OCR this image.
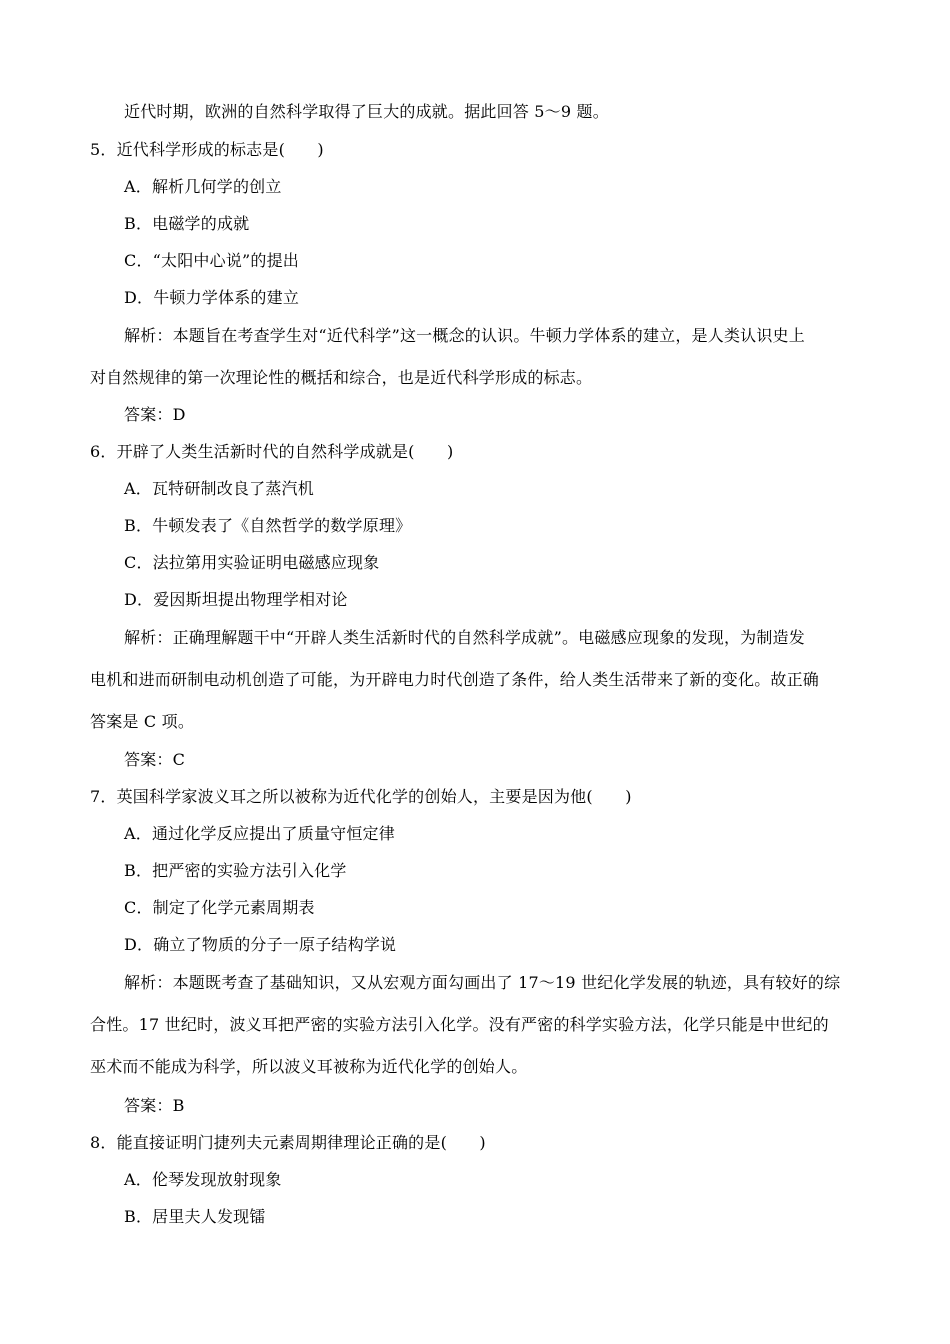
近代时期，欧洲的自然科学取得了巨大的成就。据此回答 5～9 题。
5．近代科学形成的标志是(　　)
A．解析几何学的创立
B．电磁学的成就
C．“太阳中心说”的提出
D．牛顿力学体系的建立
解析：本题旨在考查学生对“近代科学”这一概念的认识。牛顿力学体系的建立，是人类认识史上
对自然规律的第一次理论性的概括和综合，也是近代科学形成的标志。
答案：D
6．开辟了人类生活新时代的自然科学成就是(　　)
A．瓦特研制改良了蒸汽机
B．牛顿发表了《自然哲学的数学原理》
C．法拉第用实验证明电磁感应现象
D．爱因斯坦提出物理学相对论
解析：正确理解题干中“开辟人类生活新时代的自然科学成就”。电磁感应现象的发现，为制造发
电机和进而研制电动机创造了可能，为开辟电力时代创造了条件，给人类生活带来了新的变化。故正确
答案是 C 项。
答案：C
7．英国科学家波义耳之所以被称为近代化学的创始人，主要是因为他(　　)
A．通过化学反应提出了质量守恒定律
B．把严密的实验方法引入化学
C．制定了化学元素周期表
D．确立了物质的分子一原子结构学说
解析：本题既考查了基础知识，又从宏观方面勾画出了 17～19 世纪化学发展的轨迹，具有较好的综
合性。17 世纪时，波义耳把严密的实验方法引入化学。没有严密的科学实验方法，化学只能是中世纪的
巫术而不能成为科学，所以波义耳被称为近代化学的创始人。
答案：B
8．能直接证明门捷列夫元素周期律理论正确的是(　　)
A．伦琴发现放射现象
B．居里夫人发现镭
